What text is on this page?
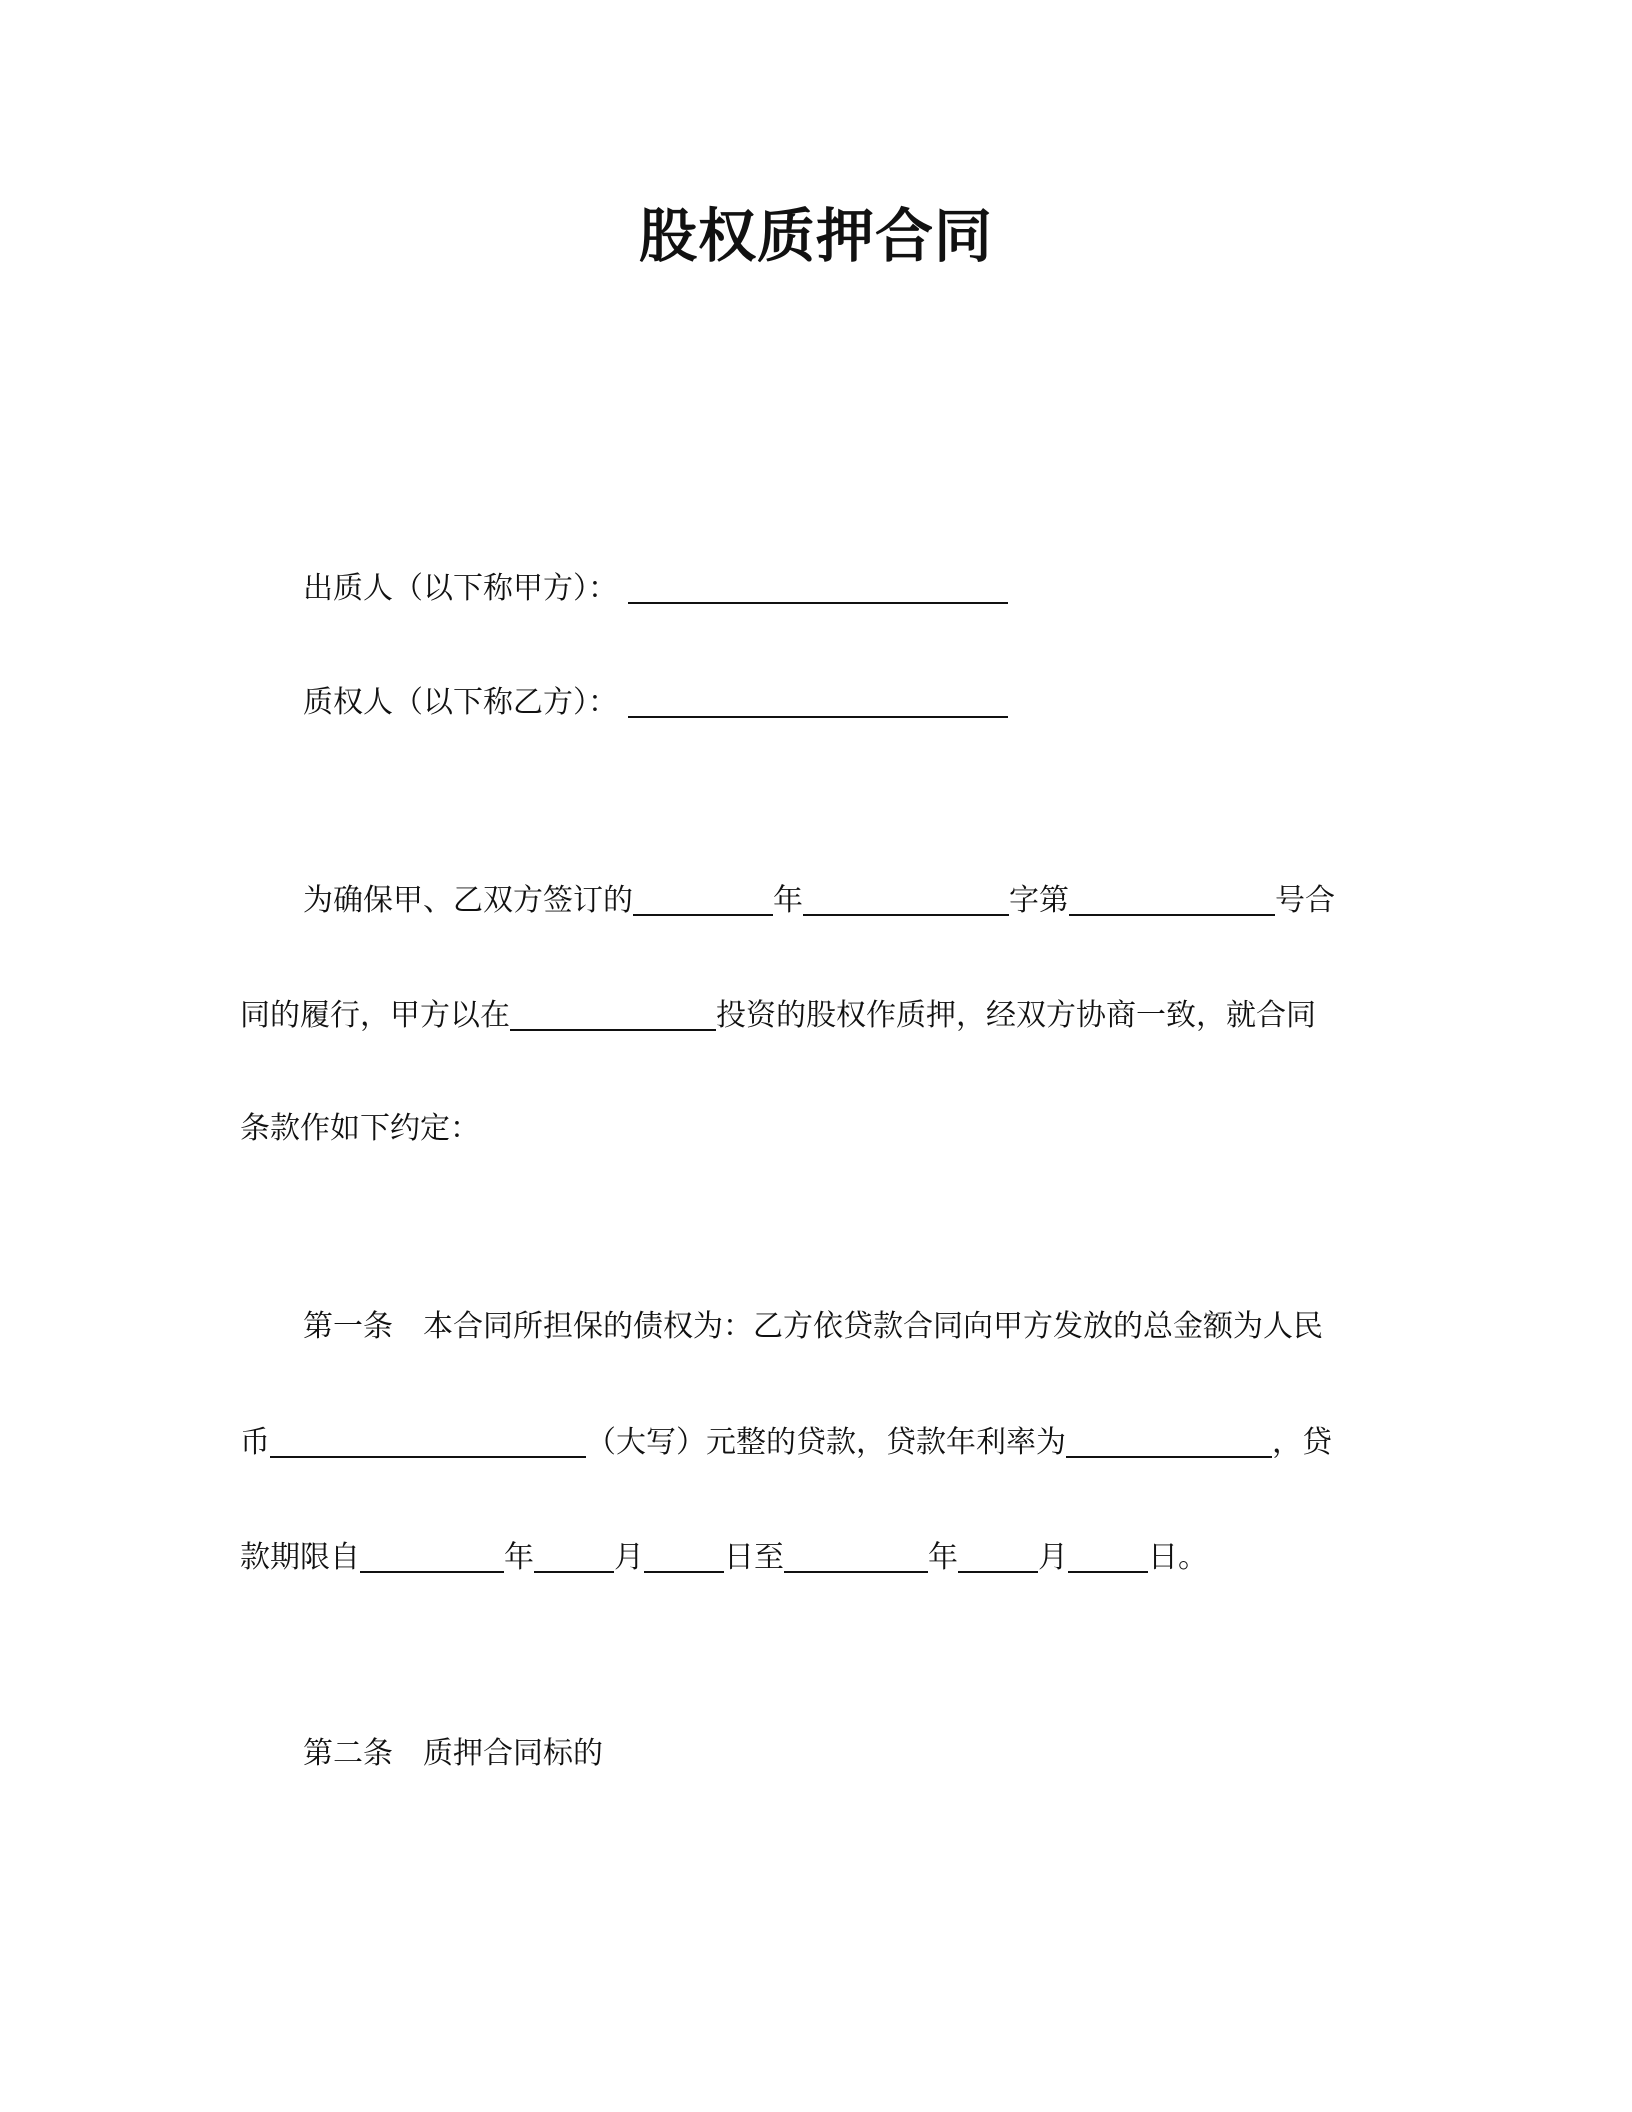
股权质押合同
出质人（以下称甲方）：
质权人（以下称乙方）：
为确保甲、乙双方签订的	年	字第	号合
同的履行，甲方以在	投资的股权作质押，经双方协商一致，就合同
条款作如下约定：
第一条 本合同所担保的债权为：乙方依贷款合同向甲方发放的总金额为人民
币	（大写）元整的贷款，贷款年利率为	，贷
款期限自	年	月	日至	年	月	日。
第二条 质押合同标的
